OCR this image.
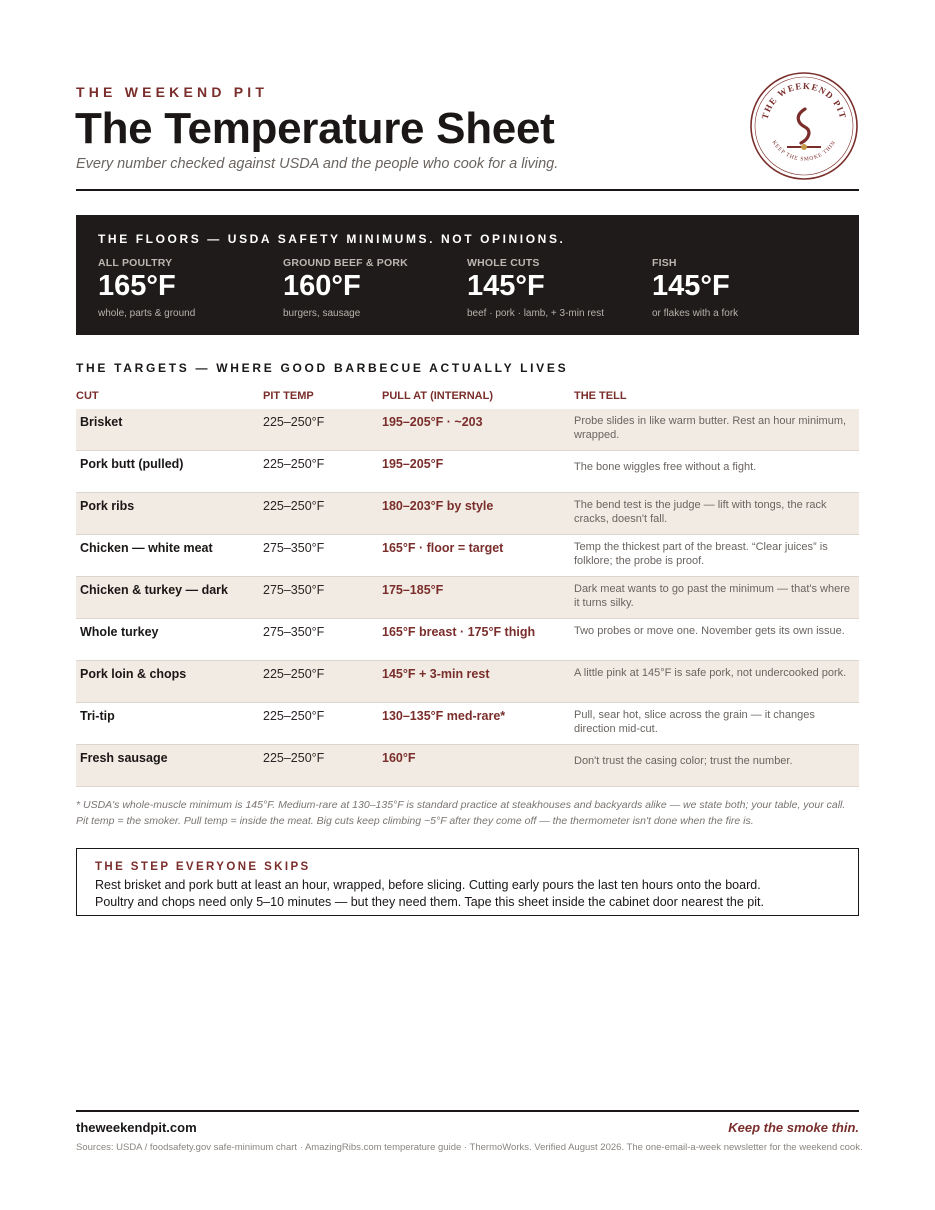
THE WEEKEND PIT
The Temperature Sheet
Every number checked against USDA and the people who cook for a living.
THE WEEKEND PIT
KEEP THE SMOKE THIN
THE FLOORS — USDA SAFETY MINIMUMS. NOT OPINIONS.
ALL POULTRY
165°F
whole, parts & ground
GROUND BEEF & PORK
160°F
burgers, sausage
WHOLE CUTS
145°F
beef · pork · lamb, + 3-min rest
FISH
145°F
or flakes with a fork
THE TARGETS — WHERE GOOD BARBECUE ACTUALLY LIVES
CUT	PIT TEMP	PULL AT (INTERNAL)	THE TELL
Brisket	225–250°F	195–205°F · ~203	Probe slides in like warm butter. Rest an hour minimum, wrapped.
Pork butt (pulled)	225–250°F	195–205°F	The bone wiggles free without a fight.
Pork ribs	225–250°F	180–203°F by style	The bend test is the judge — lift with tongs, the rack cracks, doesn't fall.
Chicken — white meat	275–350°F	165°F · floor = target	Temp the thickest part of the breast. “Clear juices” is folklore; the probe is proof.
Chicken & turkey — dark	275–350°F	175–185°F	Dark meat wants to go past the minimum — that's where it turns silky.
Whole turkey	275–350°F	165°F breast · 175°F thigh	Two probes or move one. November gets its own issue.
Pork loin & chops	225–250°F	145°F + 3-min rest	A little pink at 145°F is safe pork, not undercooked pork.
Tri-tip	225–250°F	130–135°F med-rare*	Pull, sear hot, slice across the grain — it changes direction mid-cut.
Fresh sausage	225–250°F	160°F	Don't trust the casing color; trust the number.
* USDA's whole-muscle minimum is 145°F. Medium-rare at 130–135°F is standard practice at steakhouses and backyards alike — we state both; your table, your call.
Pit temp = the smoker. Pull temp = inside the meat. Big cuts keep climbing ~5°F after they come off — the thermometer isn't done when the fire is.
THE STEP EVERYONE SKIPS
Rest brisket and pork butt at least an hour, wrapped, before slicing. Cutting early pours the last ten hours onto the board.
Poultry and chops need only 5–10 minutes — but they need them. Tape this sheet inside the cabinet door nearest the pit.
theweekendpit.com	Keep the smoke thin.
Sources: USDA / foodsafety.gov safe-minimum chart · AmazingRibs.com temperature guide · ThermoWorks. Verified August 2026. The one-email-a-week newsletter for the weekend cook.
